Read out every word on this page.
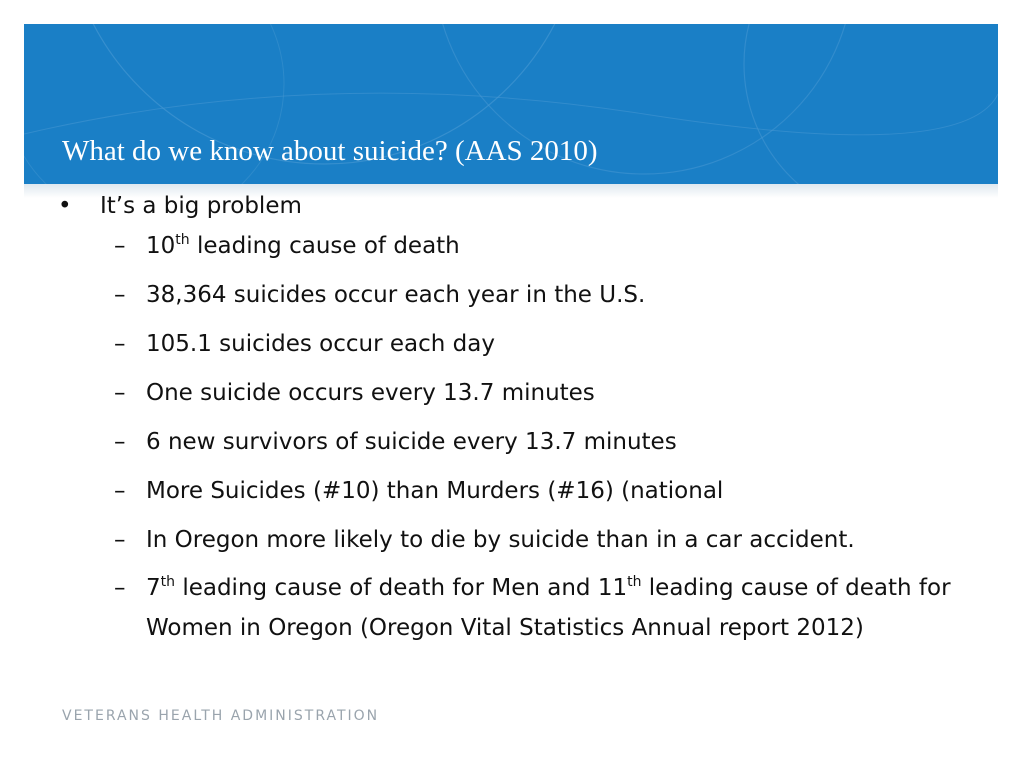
What do we know about suicide? (AAS 2010)
• It’s a big problem
– 10th leading cause of death
– 38,364 suicides occur each year in the U.S.
– 105.1 suicides occur each day
– One suicide occurs every 13.7 minutes
– 6 new survivors of suicide every 13.7 minutes
– More Suicides (#10) than Murders (#16) (national
– In Oregon more likely to die by suicide than in a car accident.
– 7th leading cause of death for Men and 11th leading cause of death for Women in Oregon (Oregon Vital Statistics Annual report 2012)
VETERANS HEALTH ADMINISTRATION
